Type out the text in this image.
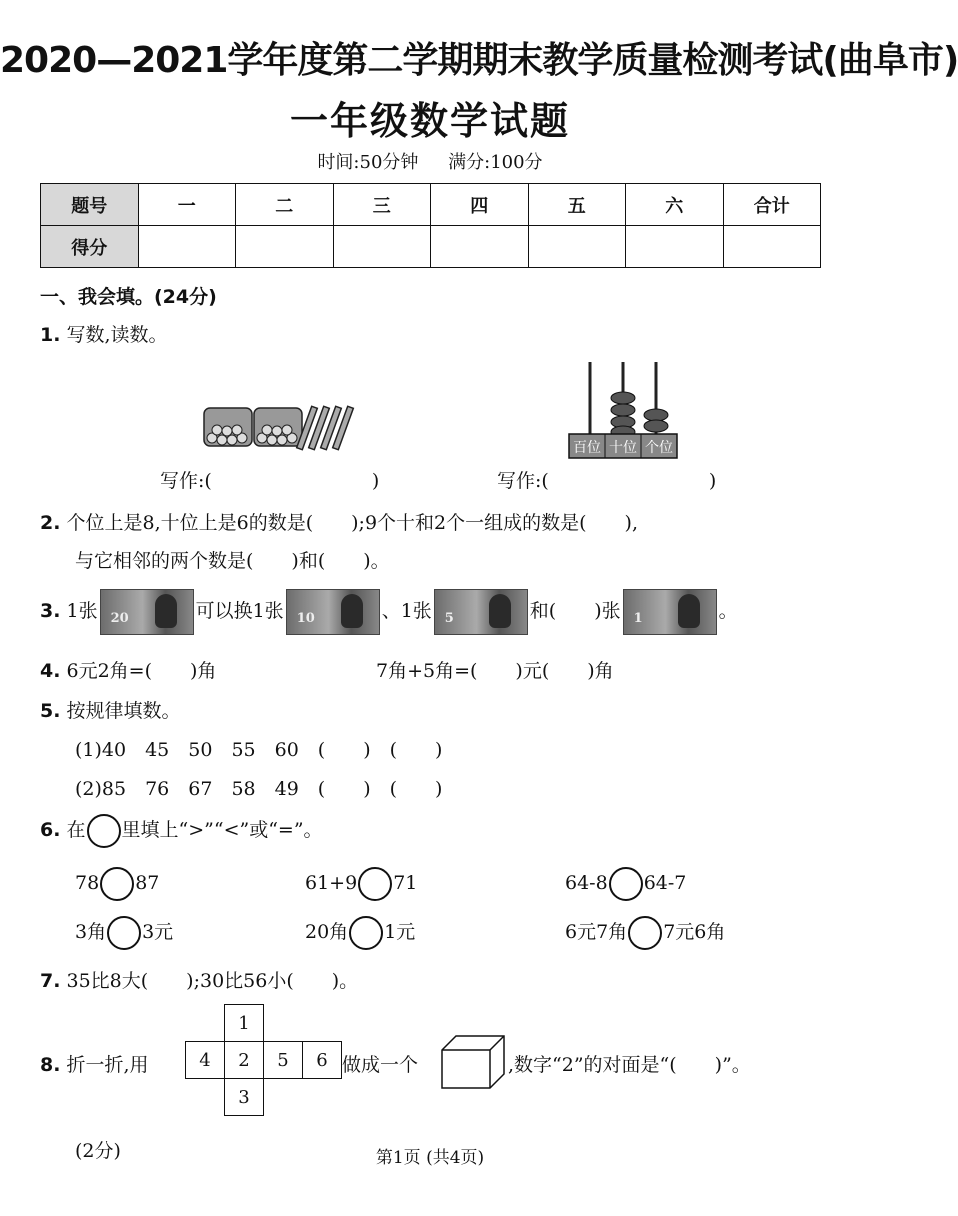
2020—2021学年度第二学期期末教学质量检测考试(曲阜市)
一年级数学试题
时间:50分钟 满分:100分
题号	一	二	三	四	五	六	合计
得分							
一、我会填。(24分)
1. 写数,读数。
百位 十位 个位
写作:(	)	写作:(	)
2. 个位上是8,十位上是6的数是(　　);9个十和2个一组成的数是(　　),
与它相邻的两个数是(　　)和(　　)。
3. 1张 20	可以换1张 10	、1张 5	和(　　)张 1	。
4. 6元2角=(　　)角	7角+5角=(　　)元(　　)角
5. 按规律填数。
(1)40　45　50　55　60　(　　)　(　　)
(2)85　76　67　58　49　(　　)　(　　)
6. 在 里填上“>”“<”或“=”。
78 87	61+9 71	64-8 64-7
3角 3元	20角 1元	6元7角 7元6角
7. 35比8大(　　);30比56小(　　)。
8. 折一折,用
	1		
4	2	5	6
	3		
做成一个	,数字“2”的对面是“(　　)”。
(2分)	第1页 (共4页)
